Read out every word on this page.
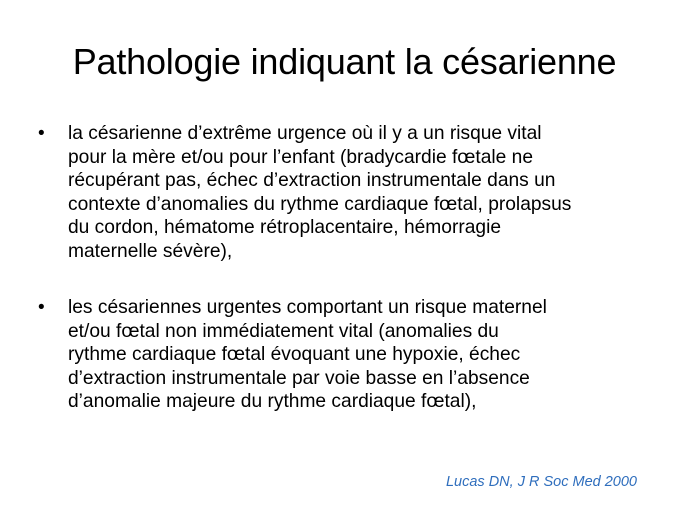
Pathologie indiquant la césarienne
•	la césarienne d’extrême urgence où il y a un risque vital
pour la mère et/ou pour l’enfant (bradycardie fœtale ne
récupérant pas, échec d’extraction instrumentale dans un
contexte d’anomalies du rythme cardiaque fœtal, prolapsus
du cordon, hématome rétroplacentaire, hémorragie
maternelle sévère),
•	les césariennes urgentes comportant un risque maternel
et/ou fœtal non immédiatement vital (anomalies du
rythme cardiaque fœtal évoquant une hypoxie, échec
d’extraction instrumentale par voie basse en l’absence
d’anomalie majeure du rythme cardiaque fœtal),
Lucas DN, J R Soc Med 2000
